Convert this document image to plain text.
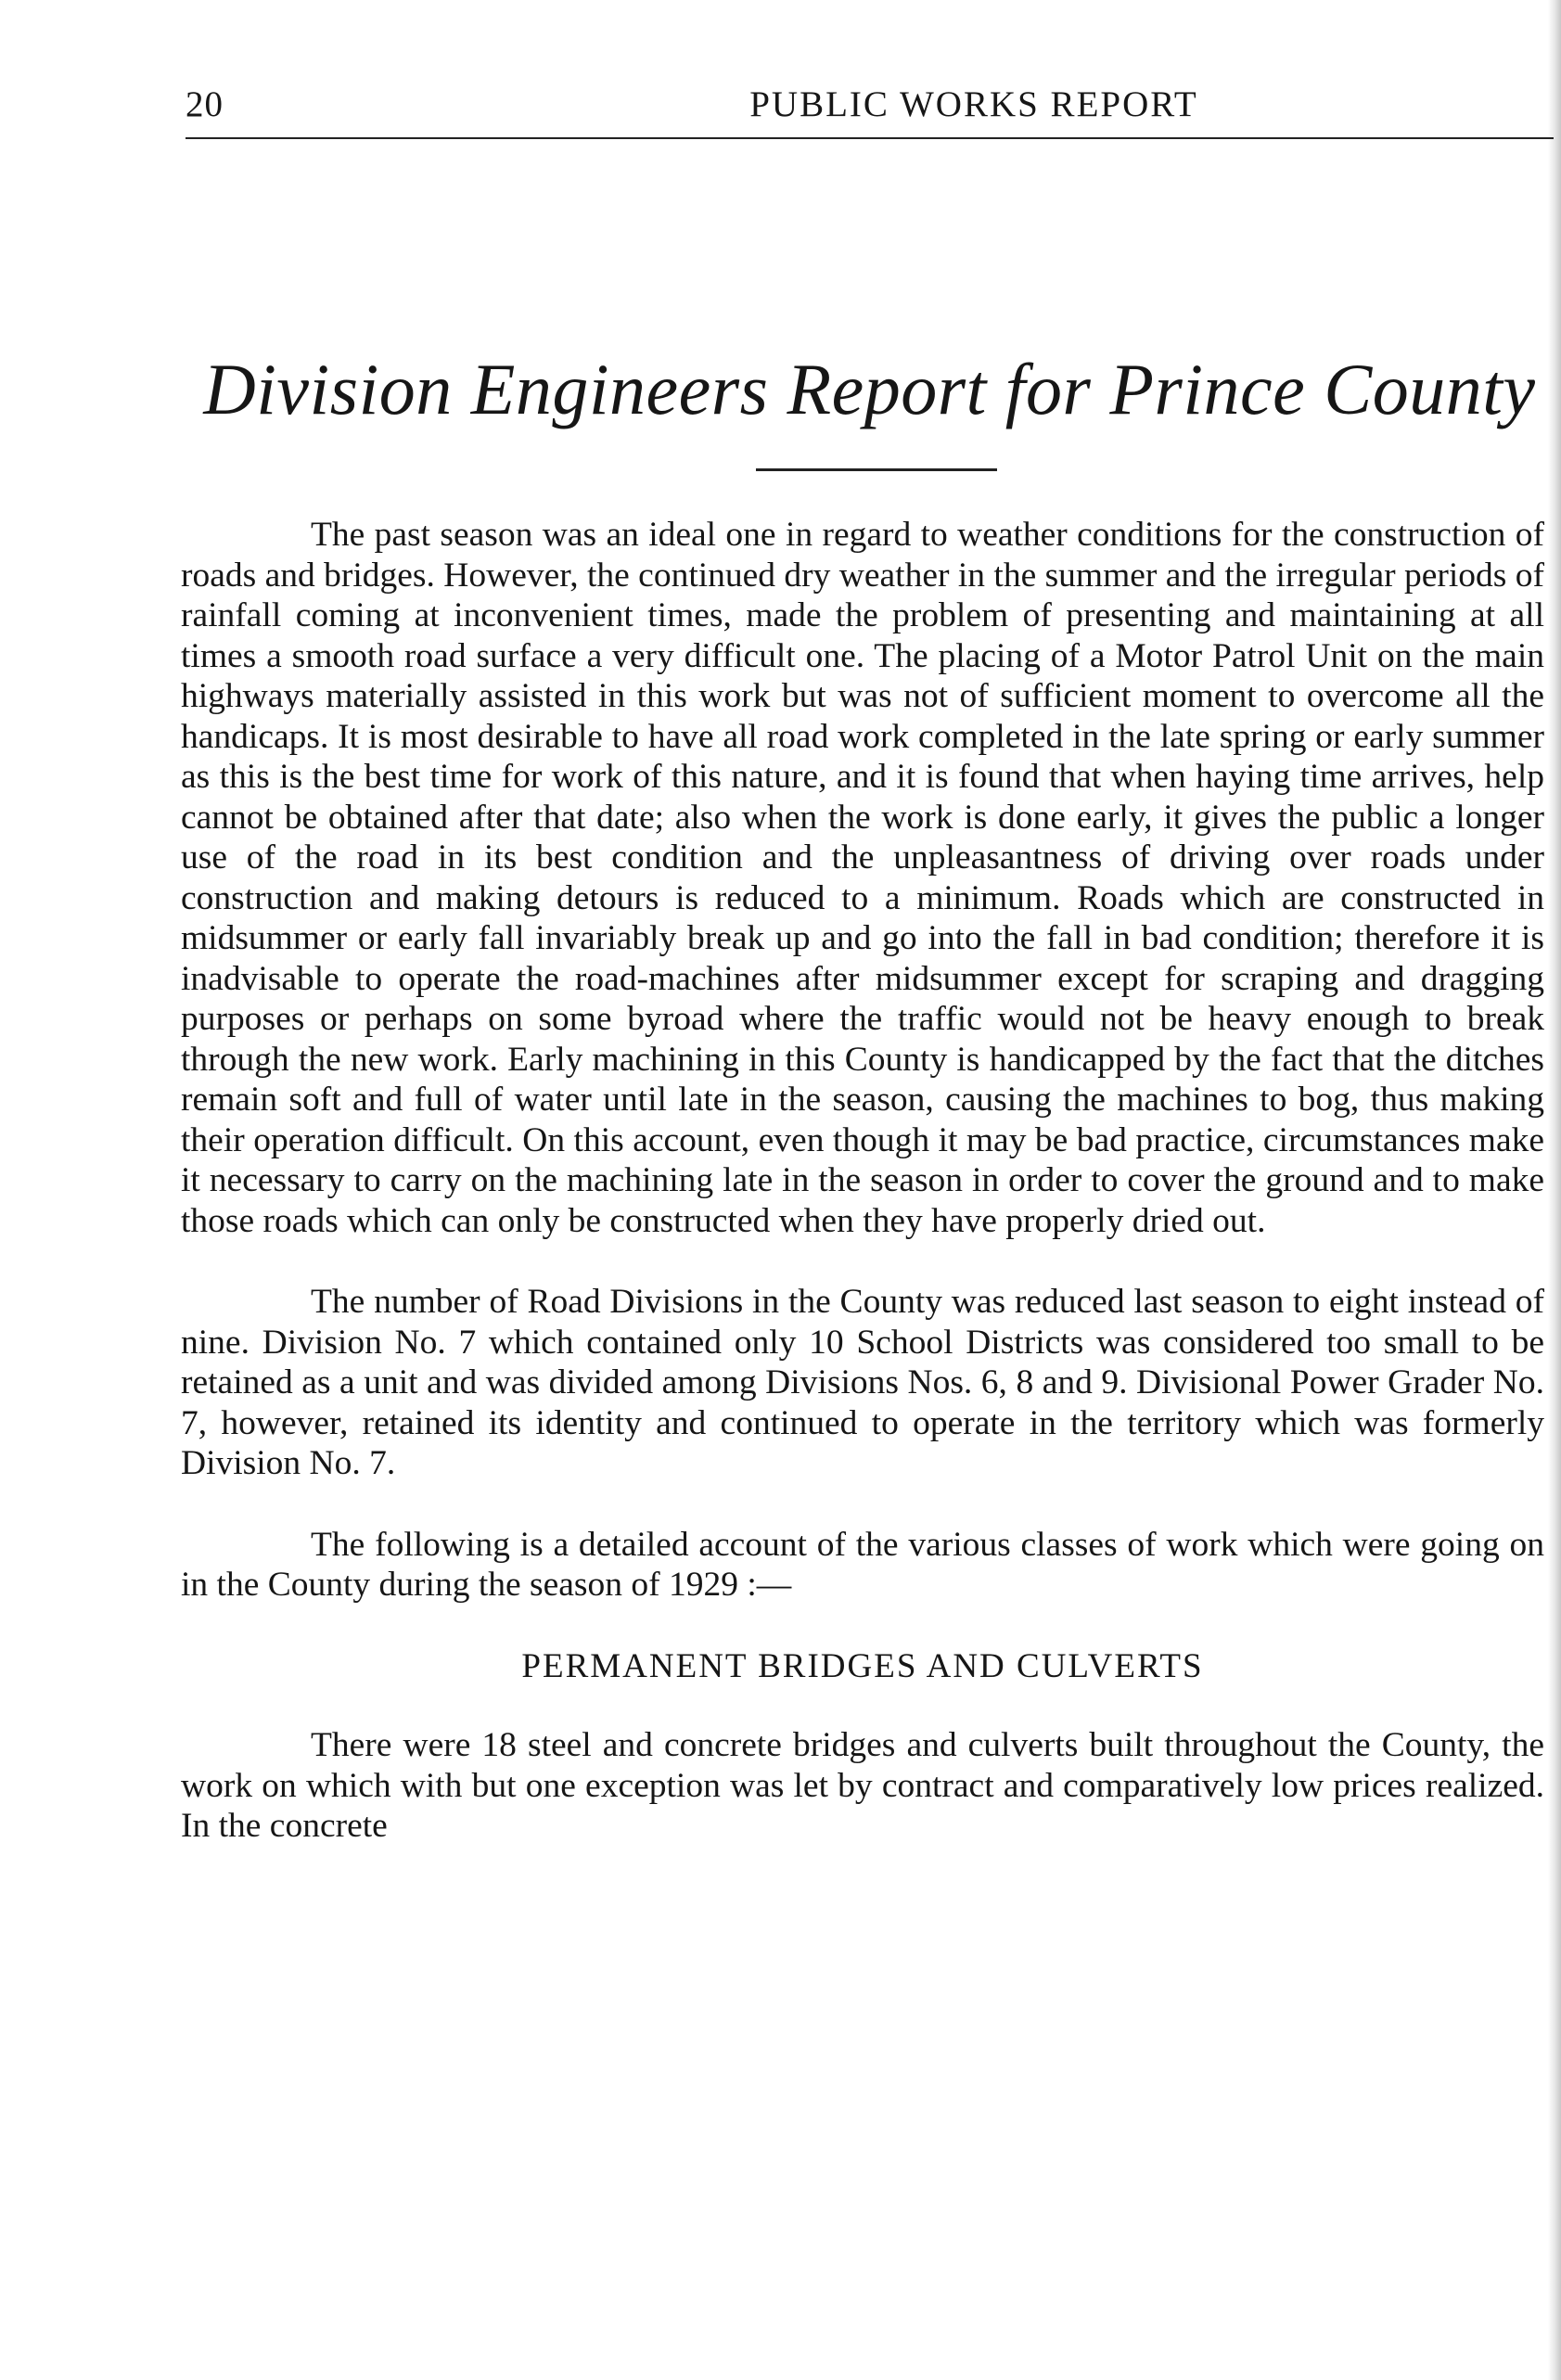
20	PUBLIC WORKS REPORT
Division Engineers Report for Prince County

The past season was an ideal one in regard to weather conditions for the construction of roads and bridges. However, the continued dry weather in the summer and the irregular periods of rainfall coming at inconvenient times, made the problem of presenting and maintaining at all times a smooth road surface a very difficult one. The placing of a Motor Patrol Unit on the main highways materially assisted in this work but was not of sufficient moment to overcome all the handicaps. It is most desirable to have all road work completed in the late spring or early summer as this is the best time for work of this nature, and it is found that when haying time arrives, help cannot be obtained after that date; also when the work is done early, it gives the public a longer use of the road in its best condition and the unpleasantness of driving over roads under construction and making detours is reduced to a minimum. Roads which are constructed in midsummer or early fall invariably break up and go into the fall in bad condition; therefore it is inadvisable to operate the road-machines after midsummer except for scraping and dragging purposes or perhaps on some byroad where the traffic would not be heavy enough to break through the new work. Early machining in this County is handicapped by the fact that the ditches remain soft and full of water until late in the season, causing the machines to bog, thus making their operation difficult. On this account, even though it may be bad practice, circumstances make it necessary to carry on the machining late in the season in order to cover the ground and to make those roads which can only be constructed when they have properly dried out.

The number of Road Divisions in the County was reduced last season to eight instead of nine. Division No. 7 which contained only 10 School Districts was considered too small to be retained as a unit and was divided among Divisions Nos. 6, 8 and 9. Divisional Power Grader No. 7, however, retained its identity and continued to operate in the territory which was formerly Division No. 7.

The following is a detailed account of the various classes of work which were going on in the County during the season of 1929 :—

PERMANENT BRIDGES AND CULVERTS

There were 18 steel and concrete bridges and culverts built throughout the County, the work on which with but one exception was let by contract and comparatively low prices realized. In the concrete
